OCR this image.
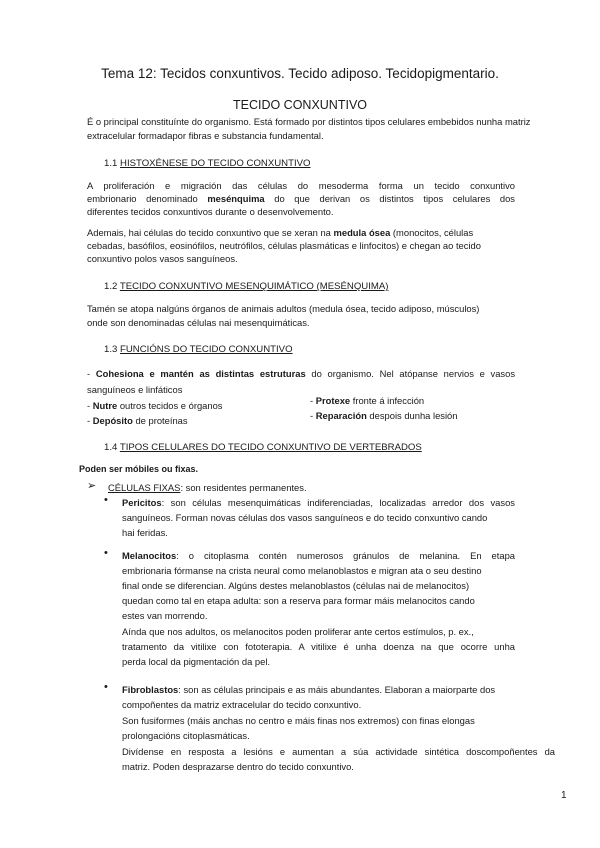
Tema 12: Tecidos conxuntivos. Tecido adiposo. Tecidopigmentario.
TECIDO CONXUNTIVO
É o principal constituínte do organismo. Está formado por distintos tipos celulares embebidos nunha matriz
extracelular formadapor fibras e substancia fundamental.
1.1 HISTOXÉNESE DO TECIDO CONXUNTIVO
A proliferación e migración das células do mesoderma forma un tecido conxuntivo
embrionario denominado mesénquima do que derivan os distintos tipos celulares dos
diferentes tecidos conxuntivos durante o desenvolvemento.
Ademais, hai células do tecido conxuntivo que se xeran na medula ósea (monocitos, células
cebadas, basófilos, eosinófilos, neutrófilos, células plasmáticas e linfocitos) e chegan ao tecido
conxuntivo polos vasos sanguíneos.
1.2 TECIDO CONXUNTIVO MESENQUIMÁTICO (MESÉNQUIMA)
Tamén se atopa nalgúns órganos de animais adultos (medula ósea, tecido adiposo, músculos)
onde son denominadas células nai mesenquimáticas.
1.3 FUNCIÓNS DO TECIDO CONXUNTIVO
- Cohesiona e mantén as distintas estruturas do organismo. Nel atópanse nervios e vasos
sanguíneos e linfáticos
- Nutre outros tecidos e órganos
- Depósito de proteínas
- Protexe fronte á infección
- Reparación despois dunha lesión
1.4 TIPOS CELULARES DO TECIDO CONXUNTIVO DE VERTEBRADOS
Poden ser móbiles ou fixas.
➢ CÉLULAS FIXAS: son residentes permanentes.
• Pericitos: son células mesenquimáticas indiferenciadas, localizadas arredor dos vasos
sanguíneos. Forman novas células dos vasos sanguíneos e do tecido conxuntivo cando
hai feridas.
• Melanocitos: o citoplasma contén numerosos gránulos de melanina. En etapa
embrionaria fórmanse na crista neural como melanoblastos e migran ata o seu destino
final onde se diferencian. Algúns destes melanoblastos (células nai de melanocitos)
quedan como tal en etapa adulta: son a reserva para formar máis melanocitos cando
estes van morrendo.
Aínda que nos adultos, os melanocitos poden proliferar ante certos estímulos, p. ex.,
tratamento da vitilixe con fototerapia. A vitilixe é unha doenza na que ocorre unha
perda local da pigmentación da pel.
• Fibroblastos: son as células principais e as máis abundantes. Elaboran a maiorparte dos
compoñentes da matriz extracelular do tecido conxuntivo.
Son fusiformes (máis anchas no centro e máis finas nos extremos) con finas elongas
prolongacións citoplasmáticas.
Divídense en resposta a lesións e aumentan a súa actividade sintética doscompoñentes da
matriz. Poden desprazarse dentro do tecido conxuntivo.
1
